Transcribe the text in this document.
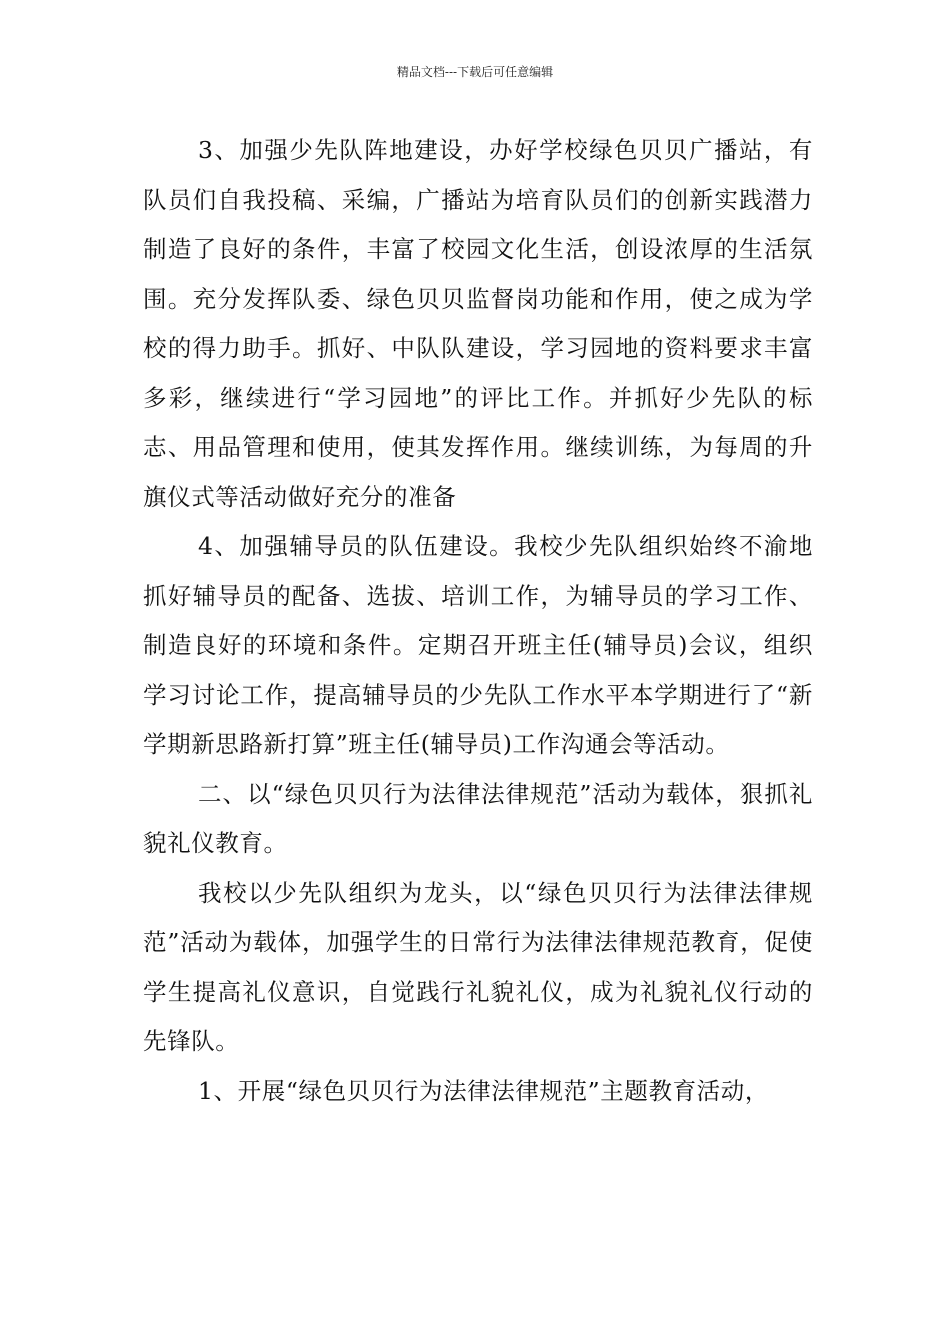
精品文档---下载后可任意编辑

3、加强少先队阵地建设，办好学校绿色贝贝广播站，有队员们自我投稿、采编，广播站为培育队员们的创新实践潜力制造了良好的条件，丰富了校园文化生活，创设浓厚的生活氛围。充分发挥队委、绿色贝贝监督岗功能和作用，使之成为学校的得力助手。抓好、中队队建设，学习园地的资料要求丰富多彩，继续进行“学习园地”的评比工作。并抓好少先队的标志、用品管理和使用，使其发挥作用。继续训练，为每周的升旗仪式等活动做好充分的准备

4、加强辅导员的队伍建设。我校少先队组织始终不渝地抓好辅导员的配备、选拔、培训工作，为辅导员的学习工作、制造良好的环境和条件。定期召开班主任(辅导员)会议，组织学习讨论工作，提高辅导员的少先队工作水平本学期进行了“新学期新思路新打算”班主任(辅导员)工作沟通会等活动。

二、以“绿色贝贝行为法律法律规范”活动为载体，狠抓礼貌礼仪教育。

我校以少先队组织为龙头，以“绿色贝贝行为法律法律规范”活动为载体，加强学生的日常行为法律法律规范教育，促使学生提高礼仪意识，自觉践行礼貌礼仪，成为礼貌礼仪行动的先锋队。

1、开展“绿色贝贝行为法律法律规范”主题教育活动，
